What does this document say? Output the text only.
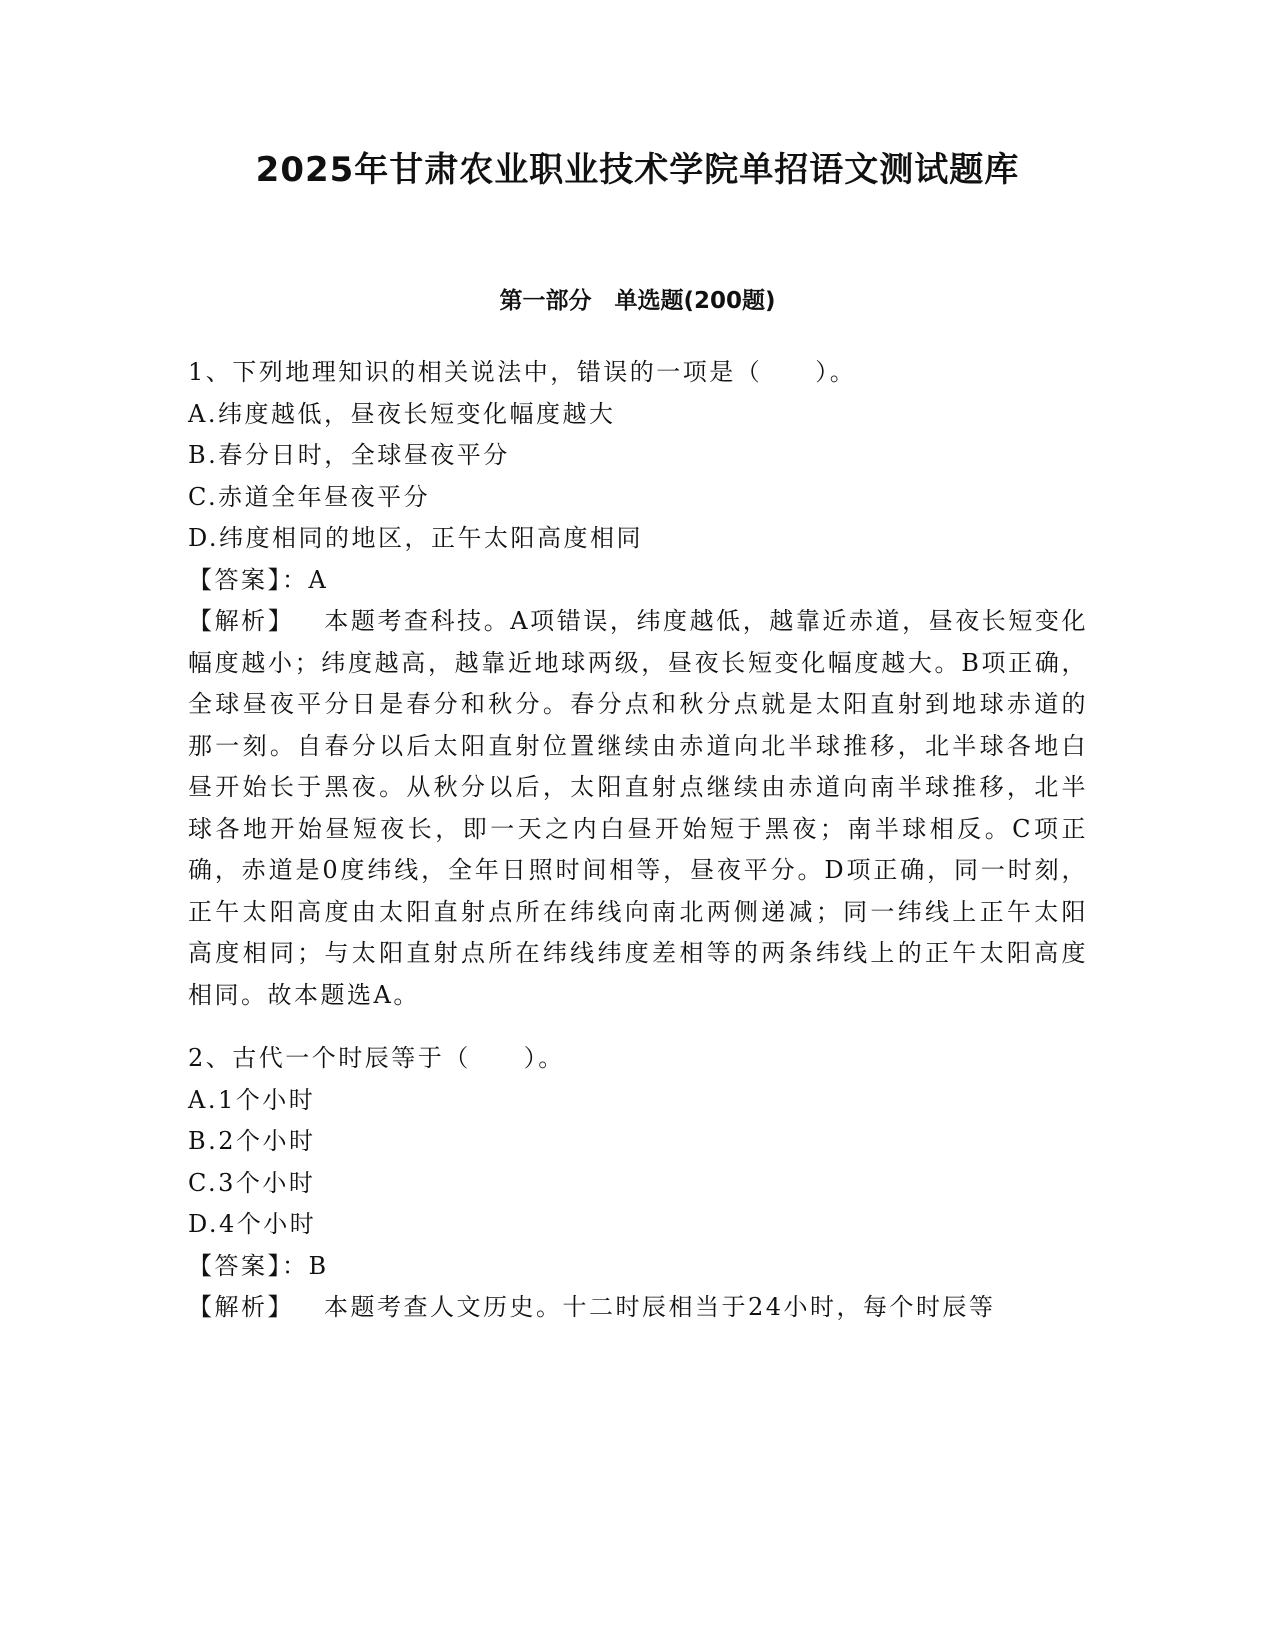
2025年甘肃农业职业技术学院单招语文测试题库
第一部分　单选题(200题)
1、下列地理知识的相关说法中，错误的一项是（　　）。
A.纬度越低，昼夜长短变化幅度越大
B.春分日时，全球昼夜平分
C.赤道全年昼夜平分
D.纬度相同的地区，正午太阳高度相同
【答案】：A
【解析】 本题考查科技。A项错误，纬度越低，越靠近赤道，昼夜长短变化幅度越小；纬度越高，越靠近地球两级，昼夜长短变化幅度越大。B项正确，全球昼夜平分日是春分和秋分。春分点和秋分点就是太阳直射到地球赤道的那一刻。自春分以后太阳直射位置继续由赤道向北半球推移，北半球各地白昼开始长于黑夜。从秋分以后，太阳直射点继续由赤道向南半球推移，北半球各地开始昼短夜长，即一天之内白昼开始短于黑夜；南半球相反。C项正确，赤道是0度纬线，全年日照时间相等，昼夜平分。D项正确，同一时刻，正午太阳高度由太阳直射点所在纬线向南北两侧递减；同一纬线上正午太阳高度相同；与太阳直射点所在纬线纬度差相等的两条纬线上的正午太阳高度相同。故本题选A。
2、古代一个时辰等于（　　）。
A.1个小时
B.2个小时
C.3个小时
D.4个小时
【答案】：B
【解析】 本题考查人文历史。十二时辰相当于24小时，每个时辰等
